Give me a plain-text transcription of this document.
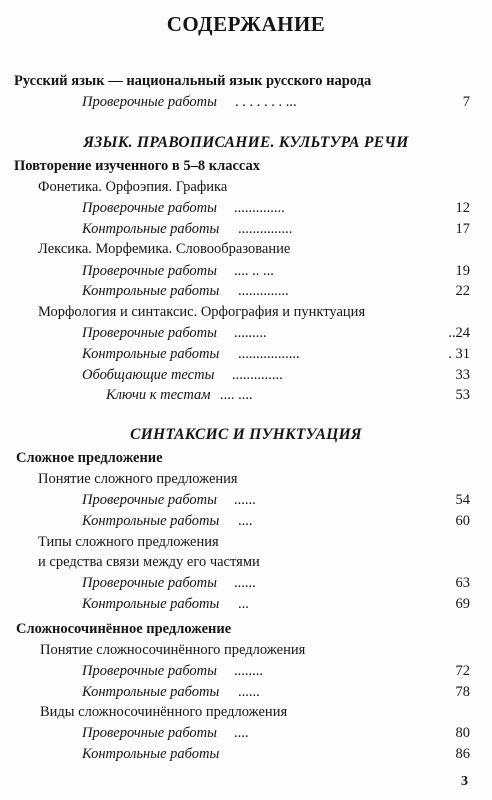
СОДЕРЖАНИЕ
Русский язык — национальный язык русского народа
Проверочные работы . . . . . . . ...	7
ЯЗЫК. ПРАВОПИСАНИЕ. КУЛЬТУРА РЕЧИ
Повторение изученного в 5–8 классах
Фонетика. Орфоэпия. Графика
Проверочные работы ..............	12
Контрольные работы ...............	17
Лексика. Морфемика. Словообразование
Проверочные работы .... .. ...	19
Контрольные работы ..............	22
Морфология и синтаксис. Орфография и пунктуация
Проверочные работы .........	..24
Контрольные работы .................	. 31
Обобщающие тесты ..............	33
Ключи к тестам .... ....	53
СИНТАКСИС И ПУНКТУАЦИЯ
Сложное предложение
Понятие сложного предложения
Проверочные работы ......	54
Контрольные работы ....	60
Типы сложного предложения
и средства связи между его частями
Проверочные работы ......	63
Контрольные работы ...	69
Сложносочинённое предложение
Понятие сложносочинённого предложения
Проверочные работы ........	72
Контрольные работы ......	78
Виды сложносочинённого предложения
Проверочные работы ....	80
Контрольные работы	86
3
